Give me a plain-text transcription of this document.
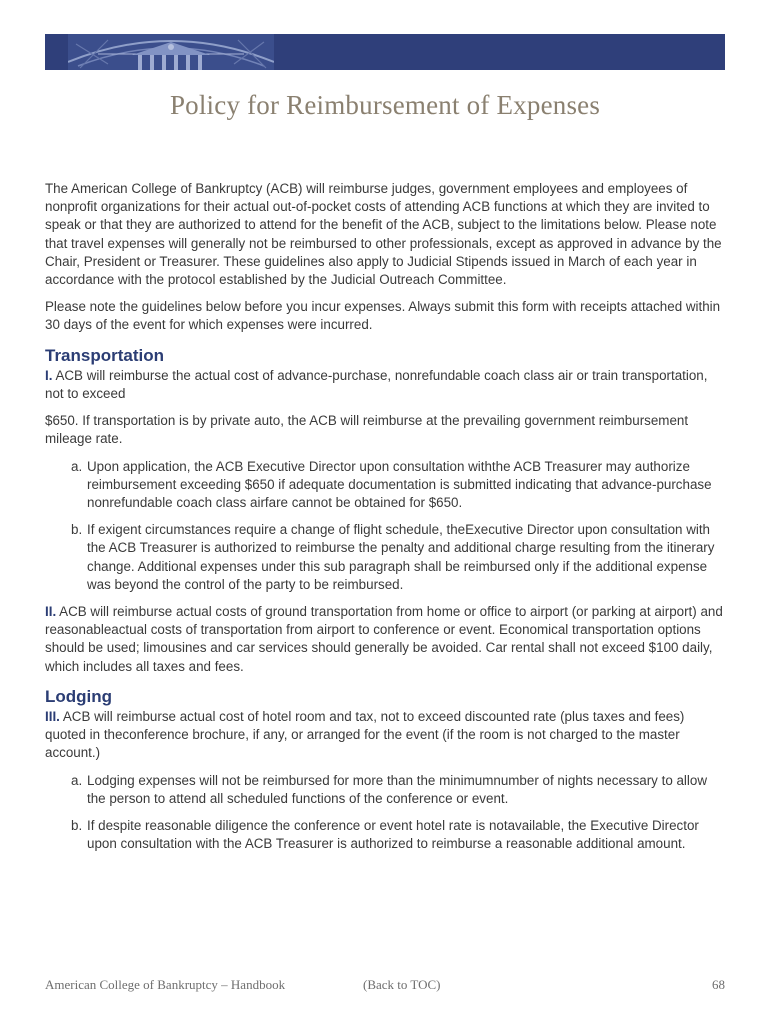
Policy for Reimbursement of Expenses

The American College of Bankruptcy (ACB) will reimburse judges, government employees and employees of nonprofit organizations for their actual out-of-pocket costs of attending ACB functions at which they are invited to speak or that they are authorized to attend for the benefit of the ACB, subject to the limitations below. Please note that travel expenses will generally not be reimbursed to other professionals, except as approved in advance by the Chair, President or Treasurer. These guidelines also apply to Judicial Stipends issued in March of each year in accordance with the protocol established by the Judicial Outreach Committee.

Please note the guidelines below before you incur expenses. Always submit this form with receipts attached within 30 days of the event for which expenses were incurred.

Transportation

I. ACB will reimburse the actual cost of advance-purchase, nonrefundable coach class air or train transportation, not to exceed

$650. If transportation is by private auto, the ACB will reimburse at the prevailing government reimbursement mileage rate.

a. Upon application, the ACB Executive Director upon consultation withthe ACB Treasurer may authorize reimbursement exceeding $650 if adequate documentation is submitted indicating that advance-purchase nonrefundable coach class airfare cannot be obtained for $650.
b. If exigent circumstances require a change of flight schedule, theExecutive Director upon consultation with the ACB Treasurer is authorized to reimburse the penalty and additional charge resulting from the itinerary change. Additional expenses under this sub paragraph shall be reimbursed only if the additional expense was beyond the control of the party to be reimbursed.

II. ACB will reimburse actual costs of ground transportation from home or office to airport (or parking at airport) and reasonableactual costs of transportation from airport to conference or event. Economical transportation options should be used; limousines and car services should generally be avoided. Car rental shall not exceed $100 daily, which includes all taxes and fees.

Lodging

III. ACB will reimburse actual cost of hotel room and tax, not to exceed discounted rate (plus taxes and fees) quoted in theconference brochure, if any, or arranged for the event (if the room is not charged to the master account.)

a. Lodging expenses will not be reimbursed for more than the minimumnumber of nights necessary to allow the person to attend all scheduled functions of the conference or event.
b. If despite reasonable diligence the conference or event hotel rate is notavailable, the Executive Director upon consultation with the ACB Treasurer is authorized to reimburse a reasonable additional amount.
American College of Bankruptcy – Handbook	(Back to TOC)	68
